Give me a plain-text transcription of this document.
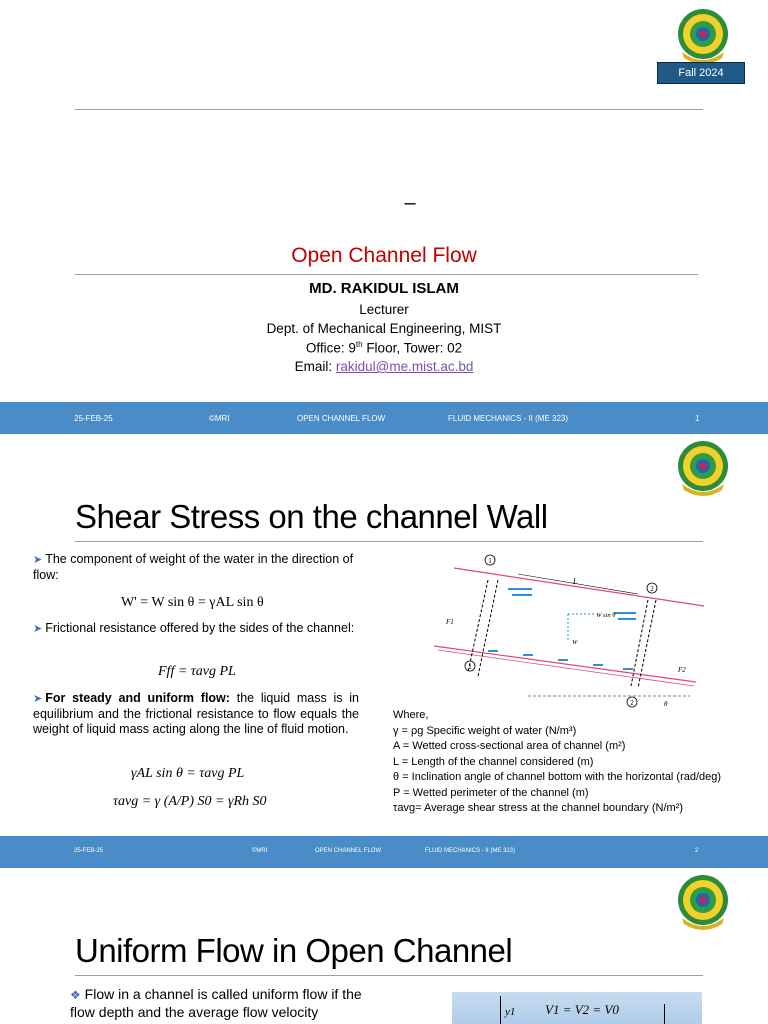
Fall 2024
–
Open Channel Flow
MD. RAKIDUL ISLAM
Lecturer
Dept. of Mechanical Engineering, MIST
Office: 9th Floor, Tower: 02
Email: rakidul@me.mist.ac.bd
25-FEB-25	©MRI	OPEN CHANNEL FLOW	FLUID MECHANICS - II (ME 323)	1
Shear Stress on the channel Wall
➤ The component of weight of the water in the direction of flow:
W' = W sin θ = γAL sin θ
➤ Frictional resistance offered by the sides of the channel:
Fff = τavg PL
➤ For steady and uniform flow: the liquid mass is in equilibrium and the frictional resistance to flow equals the weight of liquid mass acting along the line of fluid motion.
γAL sin θ = τavg PL
τavg = γ (A/P) S0 = γRh S0
1
2
1
2
L
F1
F2
W sin θ
W
θ
Where,
γ = ρg Specific weight of water (N/m³)
A = Wetted cross-sectional area of channel (m²)
L = Length of the channel considered (m)
θ = Inclination angle of channel bottom with the horizontal (rad/deg)
P = Wetted perimeter of the channel (m)
τavg= Average shear stress at the channel boundary (N/m²)
25-FEB-25	©MRI	OPEN CHANNEL FLOW	FLUID MECHANICS - II (ME 323)	2
Uniform Flow in Open Channel
❖ Flow in a channel is called uniform flow if the flow depth and the average flow velocity	y1 V1 = V2 = V0
